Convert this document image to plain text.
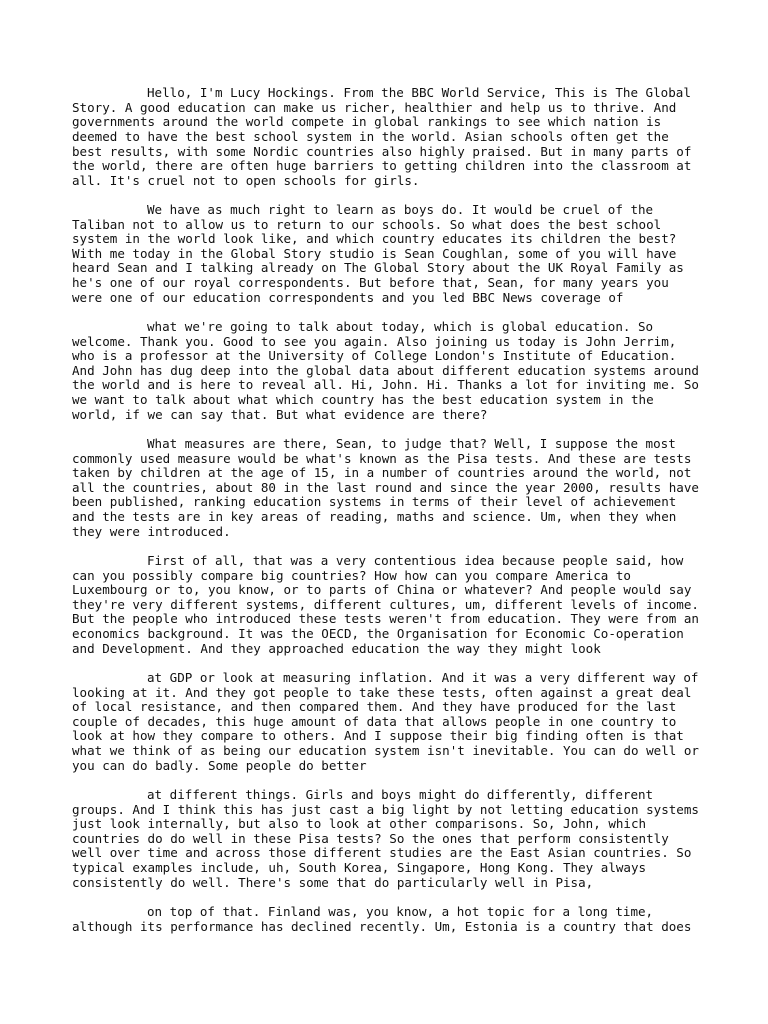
Hello, I'm Lucy Hockings. From the BBC World Service, This is The Global Story. A good education can make us richer, healthier and help us to thrive. And governments around the world compete in global rankings to see which nation is deemed to have the best school system in the world. Asian schools often get the best results, with some Nordic countries also highly praised. But in many parts of the world, there are often huge barriers to getting children into the classroom at all. It's cruel not to open schools for girls.

We have as much right to learn as boys do. It would be cruel of the Taliban not to allow us to return to our schools. So what does the best school system in the world look like, and which country educates its children the best? With me today in the Global Story studio is Sean Coughlan, some of you will have heard Sean and I talking already on The Global Story about the UK Royal Family as he's one of our royal correspondents. But before that, Sean, for many years you were one of our education correspondents and you led BBC News coverage of

what we're going to talk about today, which is global education. So welcome. Thank you. Good to see you again. Also joining us today is John Jerrim, who is a professor at the University of College London's Institute of Education. And John has dug deep into the global data about different education systems around the world and is here to reveal all. Hi, John. Hi. Thanks a lot for inviting me. So we want to talk about what which country has the best education system in the world, if we can say that. But what evidence are there?

What measures are there, Sean, to judge that? Well, I suppose the most commonly used measure would be what's known as the Pisa tests. And these are tests taken by children at the age of 15, in a number of countries around the world, not all the countries, about 80 in the last round and since the year 2000, results have been published, ranking education systems in terms of their level of achievement and the tests are in key areas of reading, maths and science. Um, when they when they were introduced.

First of all, that was a very contentious idea because people said, how can you possibly compare big countries? How how can you compare America to Luxembourg or to, you know, or to parts of China or whatever? And people would say they're very different systems, different cultures, um, different levels of income. But the people who introduced these tests weren't from education. They were from an economics background. It was the OECD, the Organisation for Economic Co-operation and Development. And they approached education the way they might look

at GDP or look at measuring inflation. And it was a very different way of looking at it. And they got people to take these tests, often against a great deal of local resistance, and then compared them. And they have produced for the last couple of decades, this huge amount of data that allows people in one country to look at how they compare to others. And I suppose their big finding often is that what we think of as being our education system isn't inevitable. You can do well or you can do badly. Some people do better

at different things. Girls and boys might do differently, different groups. And I think this has just cast a big light by not letting education systems just look internally, but also to look at other comparisons. So, John, which countries do do well in these Pisa tests? So the ones that perform consistently well over time and across those different studies are the East Asian countries. So typical examples include, uh, South Korea, Singapore, Hong Kong. They always consistently do well. There's some that do particularly well in Pisa,

on top of that. Finland was, you know, a hot topic for a long time, although its performance has declined recently. Um, Estonia is a country that does
